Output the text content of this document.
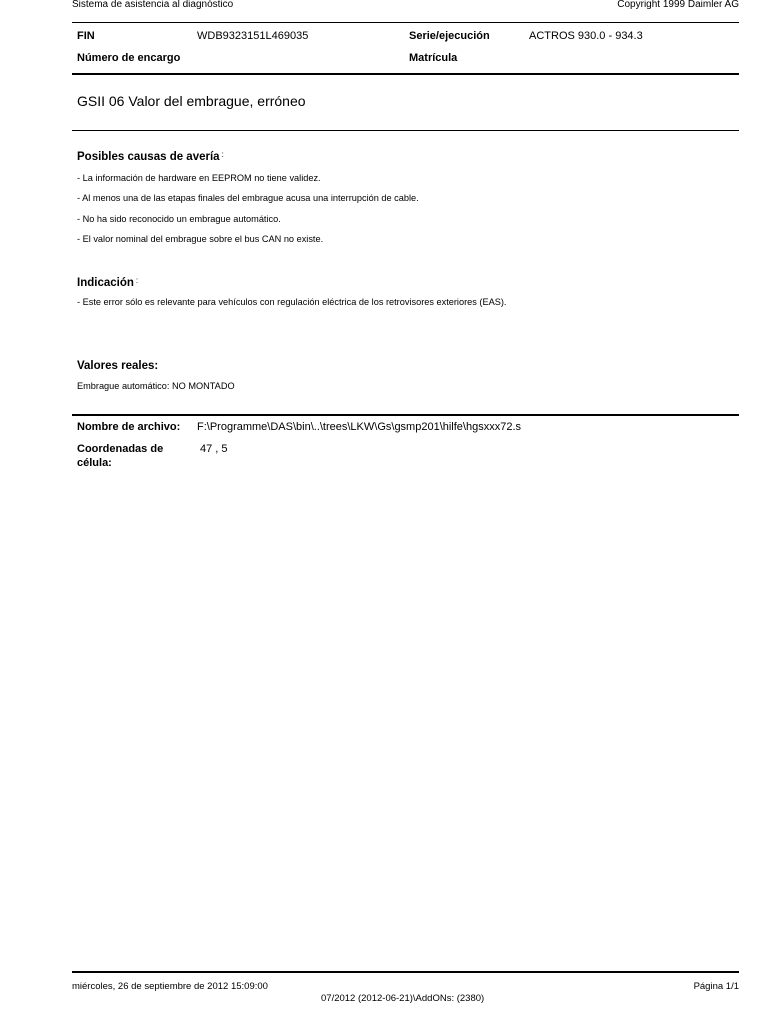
Sistema de asistencia al diagnóstico	Copyright 1999 Daimler AG
FIN	WDB9323151L469035	Serie/ejecución	ACTROS 930.0 - 934.3
Número de encargo	Matrícula
GSII 06 Valor del embrague, erróneo
Posibles causas de avería :
- La información de hardware en EEPROM no tiene validez.
- Al menos una de las etapas finales del embrague acusa una interrupción de cable.
- No ha sido reconocido un embrague automático.
- El valor nominal del embrague sobre el bus CAN no existe.
Indicación :
- Este error sólo es relevante para vehículos con regulación eléctrica de los retrovisores exteriores (EAS).
Valores reales:
Embrague automático: NO MONTADO
Nombre de archivo: F:\Programme\DAS\bin\..\trees\LKW\Gs\gsmp201\hilfe\hgsxxx72.s
Coordenadas de
célula:
47 , 5
miércoles, 26 de septiembre de 2012 15:09:00	Página 1/1
07/2012 (2012-06-21)\AddONs: (2380)
